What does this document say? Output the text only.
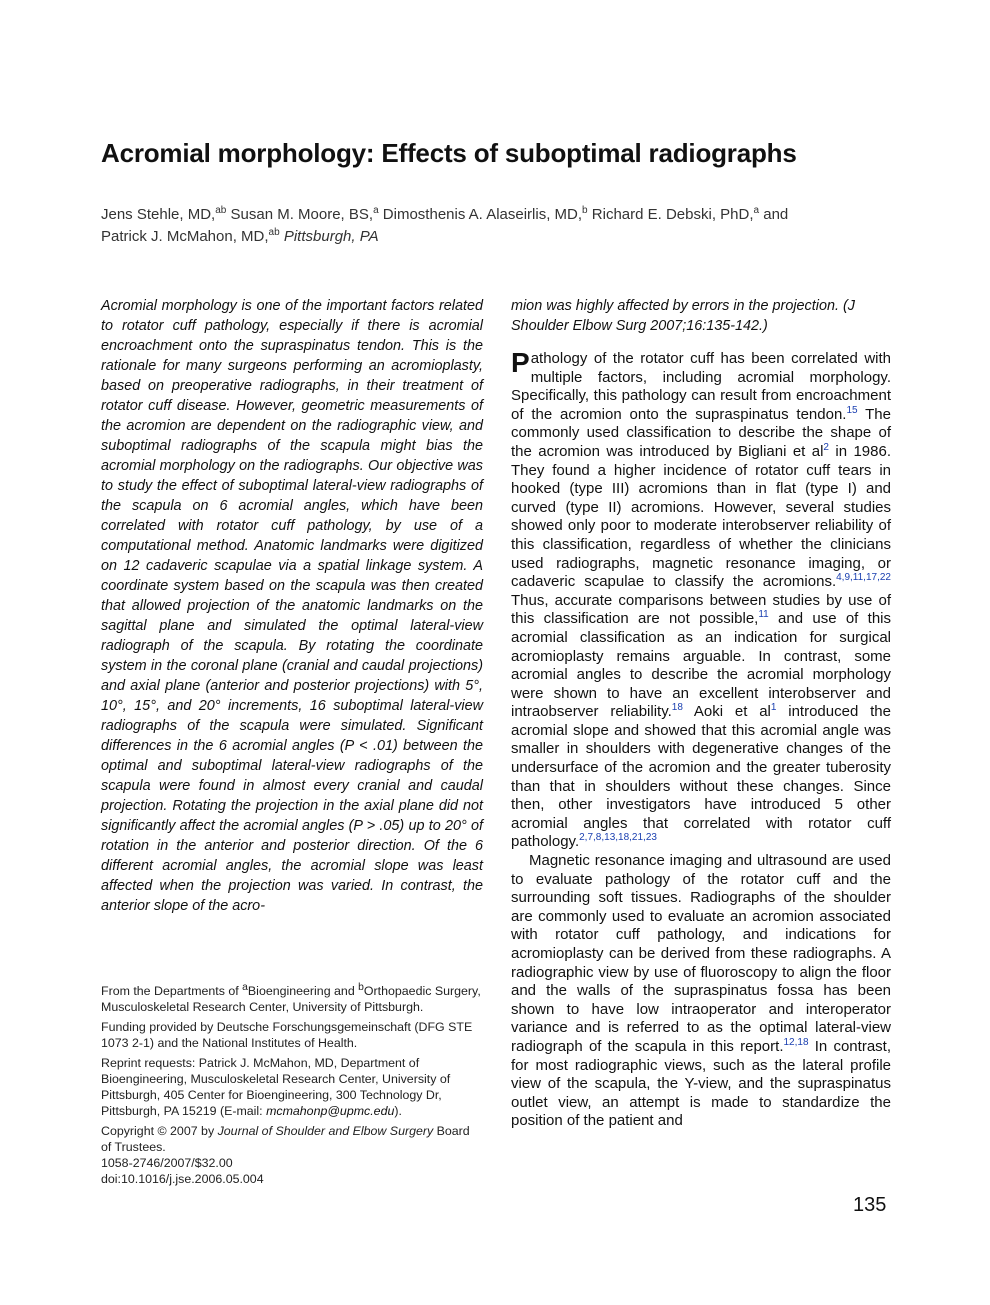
Acromial morphology: Effects of suboptimal radiographs
Jens Stehle, MD,$^{ab}$ Susan M. Moore, BS,$^a$ Dimosthenis A. Alaseirlis, MD,$^b$ Richard E. Debski, PhD,$^a$ and
Patrick J. McMahon, MD,$^{ab}$ Pittsburgh, PA

Acromial morphology is one of the important factors related to rotator cuff pathology, especially if there is acromial encroachment onto the supraspinatus tendon. This is the rationale for many surgeons performing an acromioplasty, based on preoperative radiographs, in their treatment of rotator cuff disease. However, geometric measurements of the acromion are dependent on the radiographic view, and suboptimal radiographs of the scapula might bias the acromial morphology on the radiographs. Our objective was to study the effect of suboptimal lateral-view radiographs of the scapula on 6 acromial angles, which have been correlated with rotator cuff pathology, by use of a computational method. Anatomic landmarks were digitized on 12 cadaveric scapulae via a spatial linkage system. A coordinate system based on the scapula was then created that allowed projection of the anatomic landmarks on the sagittal plane and simulated the optimal lateral-view radiograph of the scapula. By rotating the coordinate system in the coronal plane (cranial and caudal projections) and axial plane (anterior and posterior projections) with 5°, 10°, 15°, and 20° increments, 16 suboptimal lateral-view radiographs of the scapula were simulated. Significant differences in the 6 acromial angles (P < .01) between the optimal and suboptimal lateral-view radiographs of the scapula were found in almost every cranial and caudal projection. Rotating the projection in the axial plane did not significantly affect the acromial angles (P > .05) up to 20° of rotation in the anterior and posterior direction. Of the 6 different acromial angles, the acromial slope was least affected when the projection was varied. In contrast, the anterior slope of the acro-

mion was highly affected by errors in the projection. (J Shoulder Elbow Surg 2007;16:135-142.)

Pathology of the rotator cuff has been correlated with multiple factors, including acromial morphology. Specifically, this pathology can result from encroachment of the acromion onto the supraspinatus tendon.$^{15}$ The commonly used classification to describe the shape of the acromion was introduced by Bigliani et al$^2$ in 1986. They found a higher incidence of rotator cuff tears in hooked (type III) acromions than in flat (type I) and curved (type II) acromions. However, several studies showed only poor to moderate interobserver reliability of this classification, regardless of whether the clinicians used radiographs, magnetic resonance imaging, or cadaveric scapulae to classify the acromions.$^{4,9,11,17,22}$ Thus, accurate comparisons between studies by use of this classification are not possible,$^{11}$ and use of this acromial classification as an indication for surgical acromioplasty remains arguable. In contrast, some acromial angles to describe the acromial morphology were shown to have an excellent interobserver and intraobserver reliability.$^{18}$ Aoki et al$^1$ introduced the acromial slope and showed that this acromial angle was smaller in shoulders with degenerative changes of the undersurface of the acromion and the greater tuberosity than that in shoulders without these changes. Since then, other investigators have introduced 5 other acromial angles that correlated with rotator cuff pathology.$^{2,7,8,13,18,21,23}$

Magnetic resonance imaging and ultrasound are used to evaluate pathology of the rotator cuff and the surrounding soft tissues. Radiographs of the shoulder are commonly used to evaluate an acromion associated with rotator cuff pathology, and indications for acromioplasty can be derived from these radiographs. A radiographic view by use of fluoroscopy to align the floor and the walls of the supraspinatus fossa has been shown to have low intraoperator and interoperator variance and is referred to as the optimal lateral-view radiograph of the scapula in this report.$^{12,18}$ In contrast, for most radiographic views, such as the lateral profile view of the scapula, the Y-view, and the supraspinatus outlet view, an attempt is made to standardize the position of the patient and

From the Departments of $^a$Bioengineering and $^b$Orthopaedic Surgery, Musculoskeletal Research Center, University of Pittsburgh.

Funding provided by Deutsche Forschungsgemeinschaft (DFG STE 1073 2-1) and the National Institutes of Health.

Reprint requests: Patrick J. McMahon, MD, Department of Bioengineering, Musculoskeletal Research Center, University of Pittsburgh, 405 Center for Bioengineering, 300 Technology Dr, Pittsburgh, PA 15219 (E-mail: mcmahonp@upmc.edu).

Copyright © 2007 by Journal of Shoulder and Elbow Surgery Board of Trustees.

1058-2746/2007/$32.00

doi:10.1016/j.jse.2006.05.004

135
